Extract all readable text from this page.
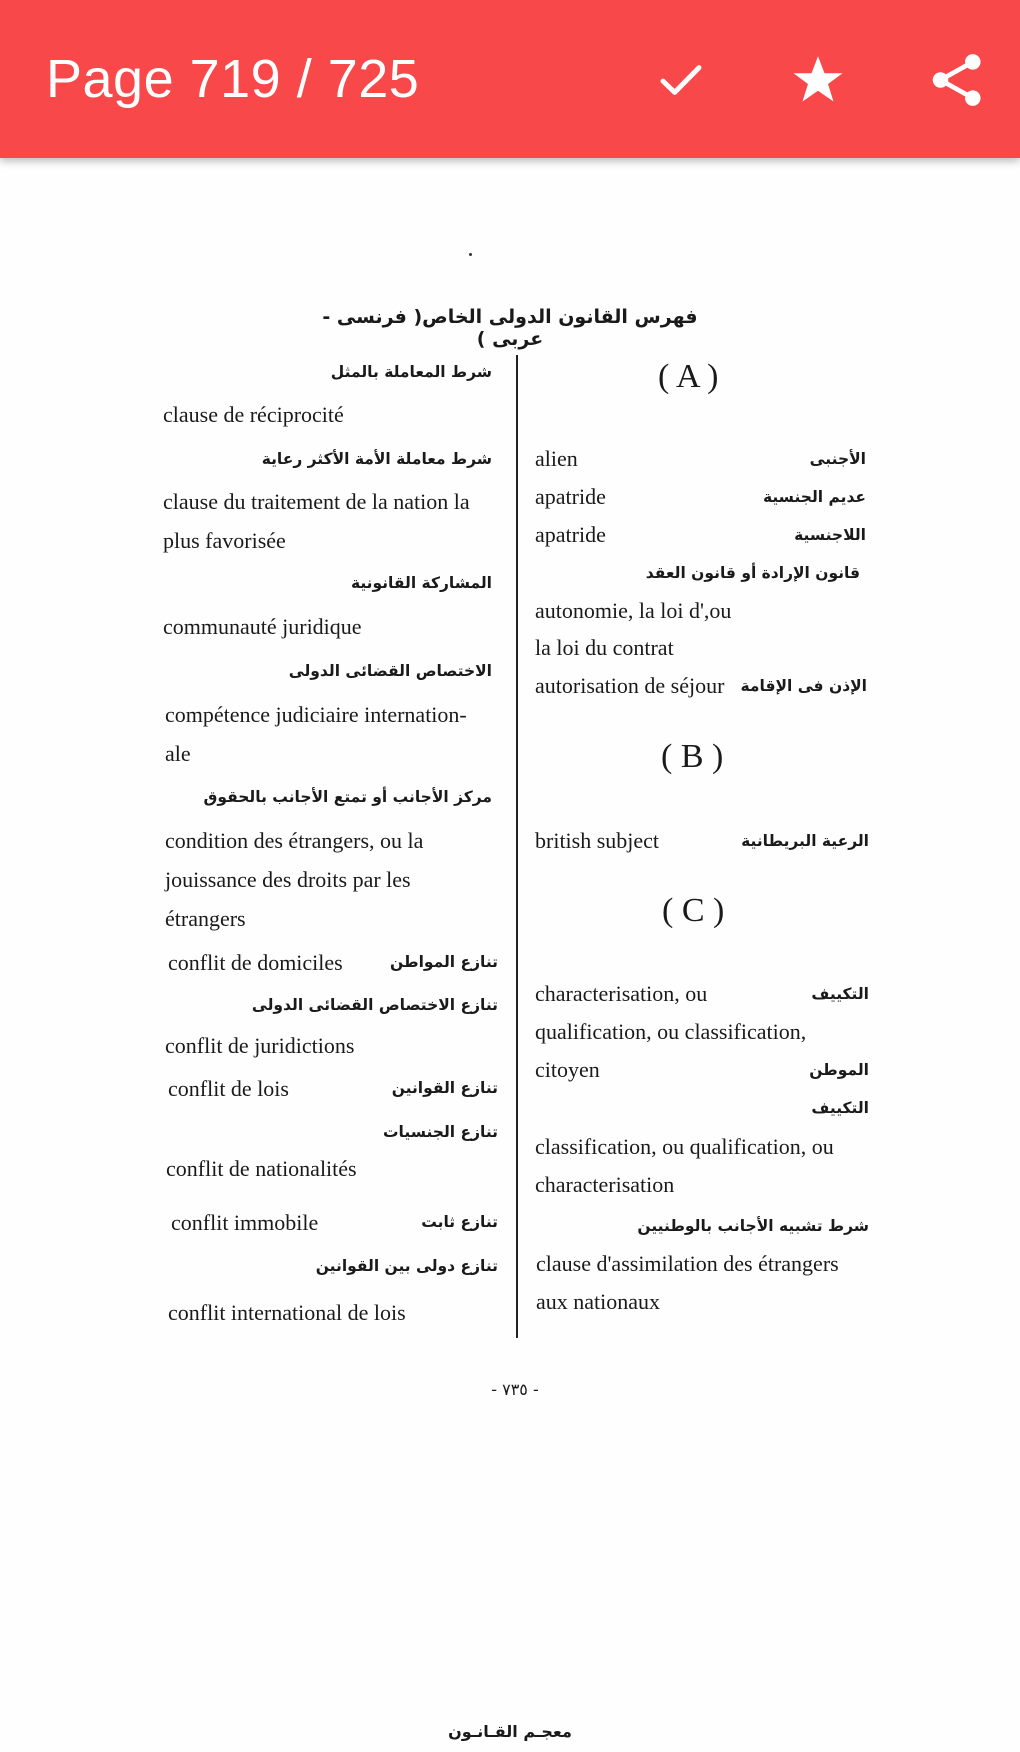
Page 719 / 725
فهرس القانون الدولى الخاص( فرنسى - عربى )
شرط المعاملة بالمثل
clause de réciprocité
شرط معاملة الأمة الأكثر رعاية
clause du traitement de la nation la
plus favorisée
المشاركة القانونية
communauté juridique
الاختصاص القضائى الدولى
compétence judiciaire internation-
ale
مركز الأجانب أو تمتع الأجانب بالحقوق
condition des étrangers, ou la
jouissance des droits par les
étrangers
conflit de domiciles	تنازع المواطن
تنازع الاختصاص القضائى الدولى
conflit de juridictions
conflit de lois	تنازع القوانين
تنازع الجنسيات
conflit de nationalités
conflit immobile	تنازع ثابت
تنازع دولى بين القوانين
conflit international de lois
( A )
alien	الأجنبى
apatride	عديم الجنسية
apatride	اللاجنسية
قانون الإرادة أو قانون العقد
autonomie, la loi d',ou
la loi du contrat
autorisation de séjour الإذن فى الإقامة
( B )
british subject	الرعية البريطانية
( C )
characterisation, ou	التكييف
qualification, ou classification,
citoyen	الموطن
التكييف
classification, ou qualification, ou
characterisation
شرط تشبيه الأجانب بالوطنيين
clause d'assimilation des étrangers
aux nationaux
- ٧٣٥ -
معجـم القـانـون
